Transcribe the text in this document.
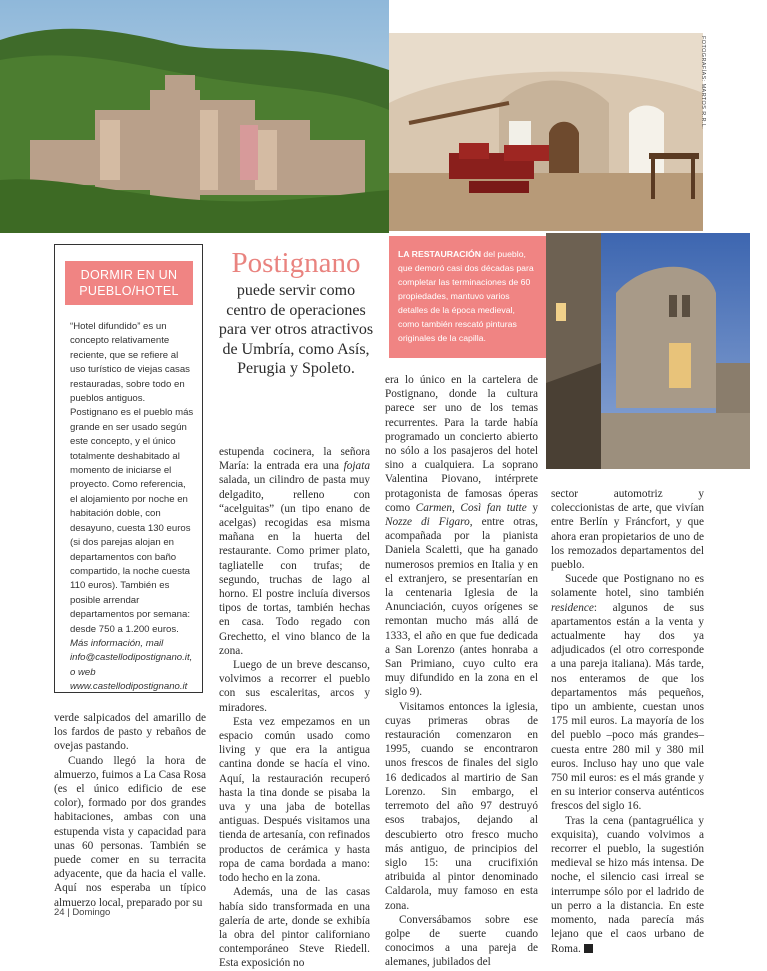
FOTOGRAFÍAS: MARTOS R.R.L.
DORMIR EN UN PUEBLO/HOTEL
“Hotel difundido” es un concepto relativamente reciente, que se refiere al uso turístico de viejas casas restauradas, sobre todo en pueblos antiguos. Postignano es el pueblo más grande en ser usado según este concepto, y el único totalmente deshabitado al momento de iniciarse el proyecto. Como referencia, el alojamiento por noche en habitación doble, con desayuno, cuesta 130 euros (si dos parejas alojan en departamentos con baño compartido, la noche cuesta 110 euros). También es posible arrendar departamentos por semana: desde 750 a 1.200 euros. Más información, mail info@castellodipostignano.it, o web www.castellodipostignano.it
Postignano
puede servir como centro de operaciones para ver otros atractivos de Umbría, como Asís, Perugia y Spoleto.
LA RESTAURACIÓN del pueblo, que demoró casi dos décadas para completar las terminaciones de 60 propiedades, mantuvo varios detalles de la época medieval, como también rescató pinturas originales de la capilla.

verde salpicados del amarillo de los fardos de pasto y rebaños de ovejas pastando.

Cuando llegó la hora de almuerzo, fuimos a La Casa Rosa (es el único edificio de ese color), formado por dos grandes habitaciones, ambas con una estupenda vista y capacidad para unas 60 personas. También se puede comer en su terracita adyacente, que da hacia el valle. Aquí nos esperaba un típico almuerzo local, preparado por su

estupenda cocinera, la señora María: la entrada era una fojata salada, un cilindro de pasta muy delgadito, relleno con “acelguitas” (un tipo enano de acelgas) recogidas esa misma mañana en la huerta del restaurante. Como primer plato, tagliatelle con trufas; de segundo, truchas de lago al horno. El postre incluía diversos tipos de tortas, también hechas en casa. Todo regado con Grechetto, el vino blanco de la zona.

Luego de un breve descanso, volvimos a recorrer el pueblo con sus escaleritas, arcos y miradores.

Esta vez empezamos en un espacio común usado como living y que era la antigua cantina donde se hacía el vino. Aquí, la restauración recuperó hasta la tina donde se pisaba la uva y una jaba de botellas antiguas. Después visitamos una tienda de artesanía, con refinados productos de cerámica y hasta ropa de cama bordada a mano: todo hecho en la zona.

Además, una de las casas había sido transformada en una galería de arte, donde se exhibía la obra del pintor californiano contemporáneo Steve Riedell. Esta exposición no

era lo único en la cartelera de Postignano, donde la cultura parece ser uno de los temas recurrentes. Para la tarde había programado un concierto abierto no sólo a los pasajeros del hotel sino a cualquiera. La soprano Valentina Piovano, intérprete protagonista de famosas óperas como Carmen, Così fan tutte y Nozze di Figaro, entre otras, acompañada por la pianista Daniela Scaletti, que ha ganado numerosos premios en Italia y en el extranjero, se presentarían en la centenaria Iglesia de la Anunciación, cuyos orígenes se remontan mucho más allá de 1333, el año en que fue dedicada a San Lorenzo (antes honraba a San Primiano, cuyo culto era muy difundido en la zona en el siglo 9).

Visitamos entonces la iglesia, cuyas primeras obras de restauración comenzaron en 1995, cuando se encontraron unos frescos de finales del siglo 16 dedicados al martirio de San Lorenzo. Sin embargo, el terremoto del año 97 destruyó esos trabajos, dejando al descubierto otro fresco mucho más antiguo, de principios del siglo 15: una crucifixión atribuida al pintor denominado Caldarola, muy famoso en esta zona.

Conversábamos sobre ese golpe de suerte cuando conocimos a una pareja de alemanes, jubilados del

sector automotriz y coleccionistas de arte, que vivían entre Berlín y Fráncfort, y que ahora eran propietarios de uno de los remozados departamentos del pueblo.

Sucede que Postignano no es solamente hotel, sino también residence: algunos de sus apartamentos están a la venta y actualmente hay dos ya adjudicados (el otro corresponde a una pareja italiana). Más tarde, nos enteramos de que los departamentos más pequeños, tipo un ambiente, cuestan unos 175 mil euros. La mayoría de los del pueblo –poco más grandes– cuesta entre 280 mil y 380 mil euros. Incluso hay uno que vale 750 mil euros: es el más grande y en su interior conserva auténticos frescos del siglo 16.

Tras la cena (pantagruélica y exquisita), cuando volvimos a recorrer el pueblo, la sugestión medieval se hizo más intensa. De noche, el silencio casi irreal se interrumpe sólo por el ladrido de un perro a la distancia. En este momento, nada parecía más lejano que el caos urbano de Roma.

24 | Domingo
